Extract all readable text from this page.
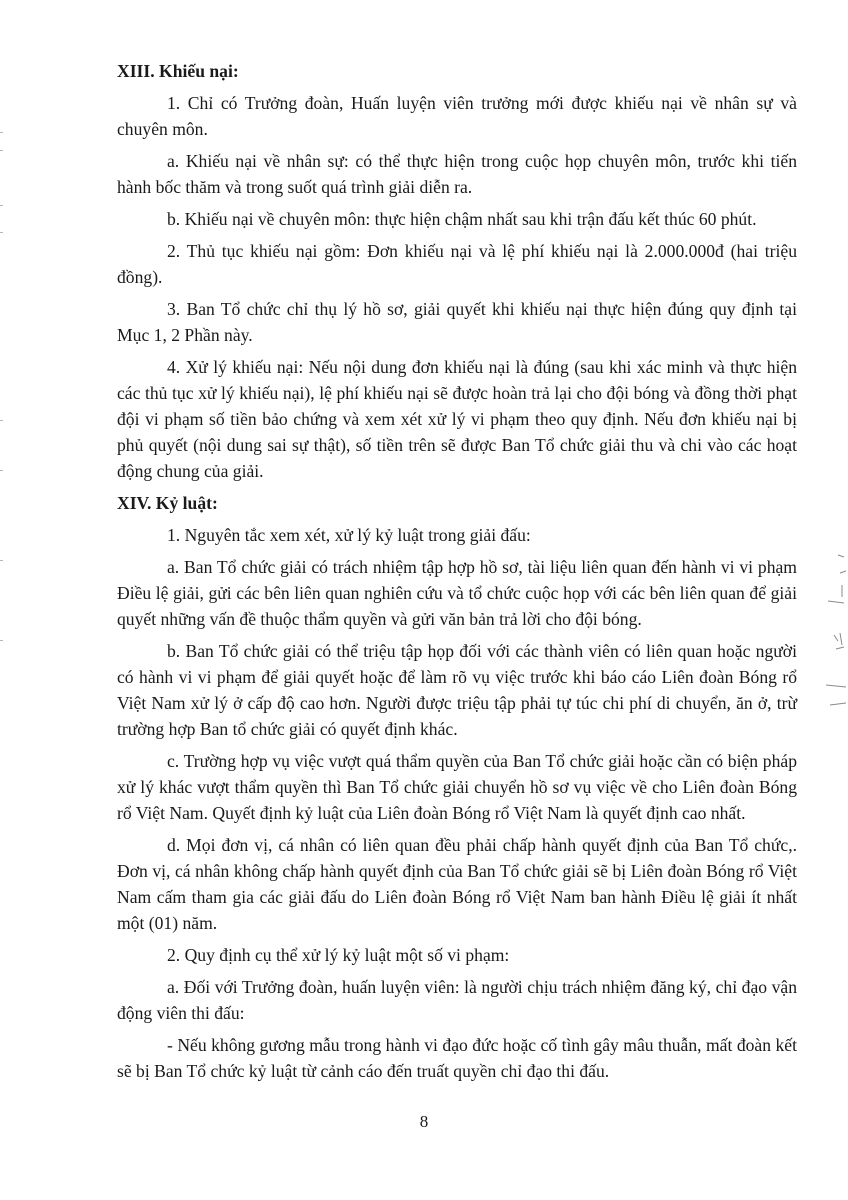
XIII. Khiếu nại:

1. Chỉ có Trưởng đoàn, Huấn luyện viên trưởng mới được khiếu nại về nhân sự và chuyên môn.

a. Khiếu nại về nhân sự: có thể thực hiện trong cuộc họp chuyên môn, trước khi tiến hành bốc thăm và trong suốt quá trình giải diễn ra.

b. Khiếu nại về chuyên môn: thực hiện chậm nhất sau khi trận đấu kết thúc 60 phút.

2. Thủ tục khiếu nại gồm: Đơn khiếu nại và lệ phí khiếu nại là 2.000.000đ (hai triệu đồng).

3. Ban Tổ chức chỉ thụ lý hồ sơ, giải quyết khi khiếu nại thực hiện đúng quy định tại Mục 1, 2 Phần này.

4. Xử lý khiếu nại: Nếu nội dung đơn khiếu nại là đúng (sau khi xác minh và thực hiện các thủ tục xử lý khiếu nại), lệ phí khiếu nại sẽ được hoàn trả lại cho đội bóng và đồng thời phạt đội vi phạm số tiền bảo chứng và xem xét xử lý vi phạm theo quy định. Nếu đơn khiếu nại bị phủ quyết (nội dung sai sự thật), số tiền trên sẽ được Ban Tổ chức giải thu và chi vào các hoạt động chung của giải.

XIV. Kỷ luật:

1. Nguyên tắc xem xét, xử lý kỷ luật trong giải đấu:

a. Ban Tổ chức giải có trách nhiệm tập hợp hồ sơ, tài liệu liên quan đến hành vi vi phạm Điều lệ giải, gửi các bên liên quan nghiên cứu và tổ chức cuộc họp với các bên liên quan để giải quyết những vấn đề thuộc thẩm quyền và gửi văn bản trả lời cho đội bóng.

b. Ban Tổ chức giải có thể triệu tập họp đối với các thành viên có liên quan hoặc người có hành vi vi phạm để giải quyết hoặc để làm rõ vụ việc trước khi báo cáo Liên đoàn Bóng rổ Việt Nam xử lý ở cấp độ cao hơn. Người được triệu tập phải tự túc chi phí di chuyển, ăn ở, trừ trường hợp Ban tổ chức giải có quyết định khác.

c. Trường hợp vụ việc vượt quá thẩm quyền của Ban Tổ chức giải hoặc cần có biện pháp xử lý khác vượt thẩm quyền thì Ban Tổ chức giải chuyển hồ sơ vụ việc về cho Liên đoàn Bóng rổ Việt Nam. Quyết định kỷ luật của Liên đoàn Bóng rổ Việt Nam là quyết định cao nhất.

d. Mọi đơn vị, cá nhân có liên quan đều phải chấp hành quyết định của Ban Tổ chức,. Đơn vị, cá nhân không chấp hành quyết định của Ban Tổ chức giải sẽ bị Liên đoàn Bóng rổ Việt Nam cấm tham gia các giải đấu do Liên đoàn Bóng rổ Việt Nam ban hành Điều lệ giải ít nhất một (01) năm.

2. Quy định cụ thể xử lý kỷ luật một số vi phạm:

a. Đối với Trưởng đoàn, huấn luyện viên: là người chịu trách nhiệm đăng ký, chỉ đạo vận động viên thi đấu:

- Nếu không gương mẫu trong hành vi đạo đức hoặc cố tình gây mâu thuẫn, mất đoàn kết sẽ bị Ban Tổ chức kỷ luật từ cảnh cáo đến truất quyền chỉ đạo thi đấu.

8
